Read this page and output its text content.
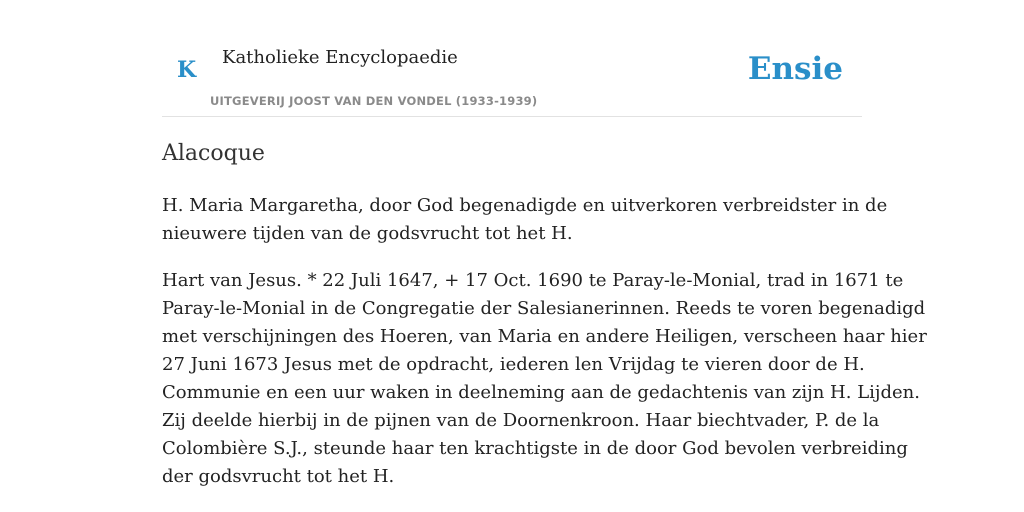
K Katholieke Encyclopaedie
UITGEVERIJ JOOST VAN DEN VONDEL (1933-1939)
Ensie
Alacoque

H. Maria Margaretha, door God begenadigde en uitverkoren verbreidster in de
nieuwere tijden van de godsvrucht tot het H.

Hart van Jesus. * 22 Juli 1647, + 17 Oct. 1690 te Paray-le-Monial, trad in 1671 te
Paray-le-Monial in de Congregatie der Salesianerinnen. Reeds te voren begenadigd
met verschijningen des Hoeren, van Maria en andere Heiligen, verscheen haar hier
27 Juni 1673 Jesus met de opdracht, iederen len Vrijdag te vieren door de H.
Communie en een uur waken in deelneming aan de gedachtenis van zijn H. Lijden.
Zij deelde hierbij in de pijnen van de Doornenkroon. Haar biechtvader, P. de la
Colombière S.J., steunde haar ten krachtigste in de door God bevolen verbreiding
der godsvrucht tot het H.
